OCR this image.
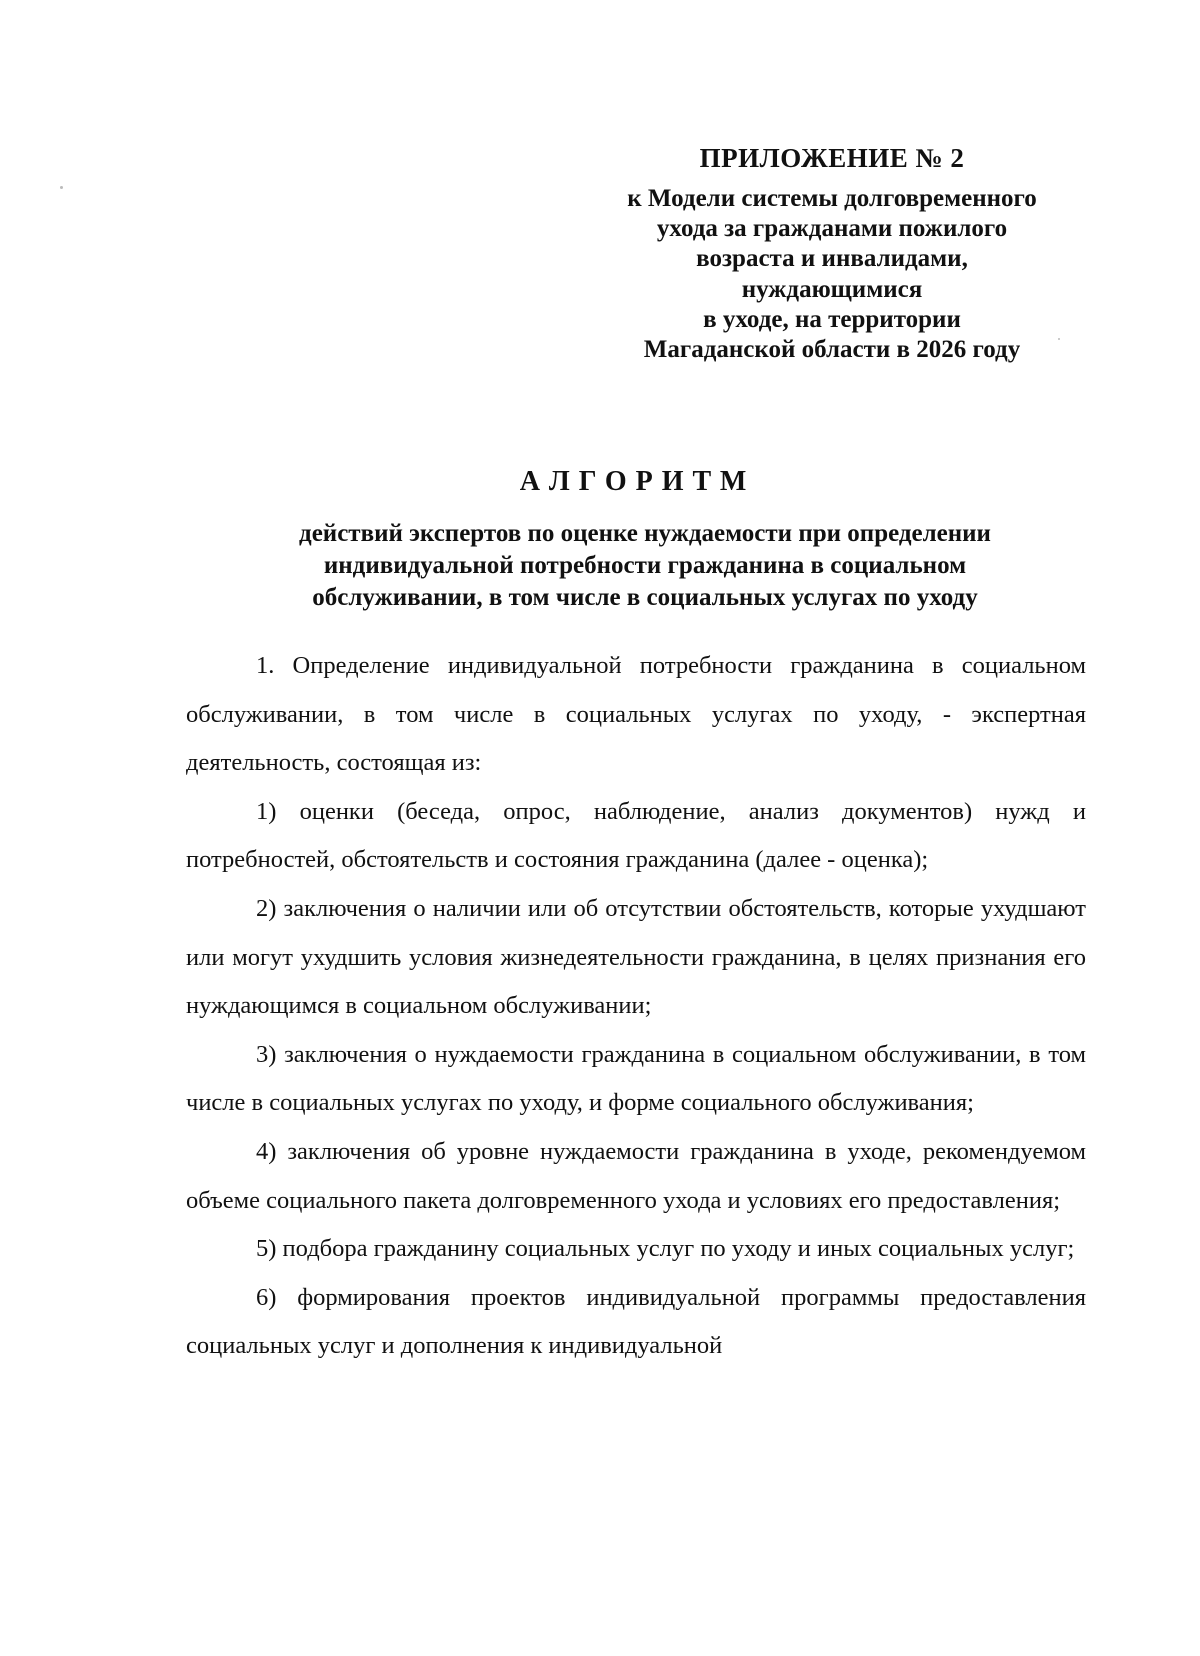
ПРИЛОЖЕНИЕ № 2
к Модели системы долговременного
ухода за гражданами пожилого
возраста и инвалидами,
нуждающимися
в уходе, на территории
Магаданской области в 2026 году
АЛГОРИТМ
действий экспертов по оценке нуждаемости при определении
индивидуальной потребности гражданина в социальном
обслуживании, в том числе в социальных услугах по уходу

1. Определение индивидуальной потребности гражданина в социальном обслуживании, в том числе в социальных услугах по уходу, - экспертная деятельность, состоящая из:

1) оценки (беседа, опрос, наблюдение, анализ документов) нужд и потребностей, обстоятельств и состояния гражданина (далее - оценка);

2) заключения о наличии или об отсутствии обстоятельств, которые ухудшают или могут ухудшить условия жизнедеятельности гражданина, в целях признания его нуждающимся в социальном обслуживании;

3) заключения о нуждаемости гражданина в социальном обслуживании, в том числе в социальных услугах по уходу, и форме социального обслуживания;

4) заключения об уровне нуждаемости гражданина в уходе, рекомендуемом объеме социального пакета долговременного ухода и условиях его предоставления;

5) подбора гражданину социальных услуг по уходу и иных социальных услуг;

6) формирования проектов индивидуальной программы предоставления социальных услуг и дополнения к индивидуальной
